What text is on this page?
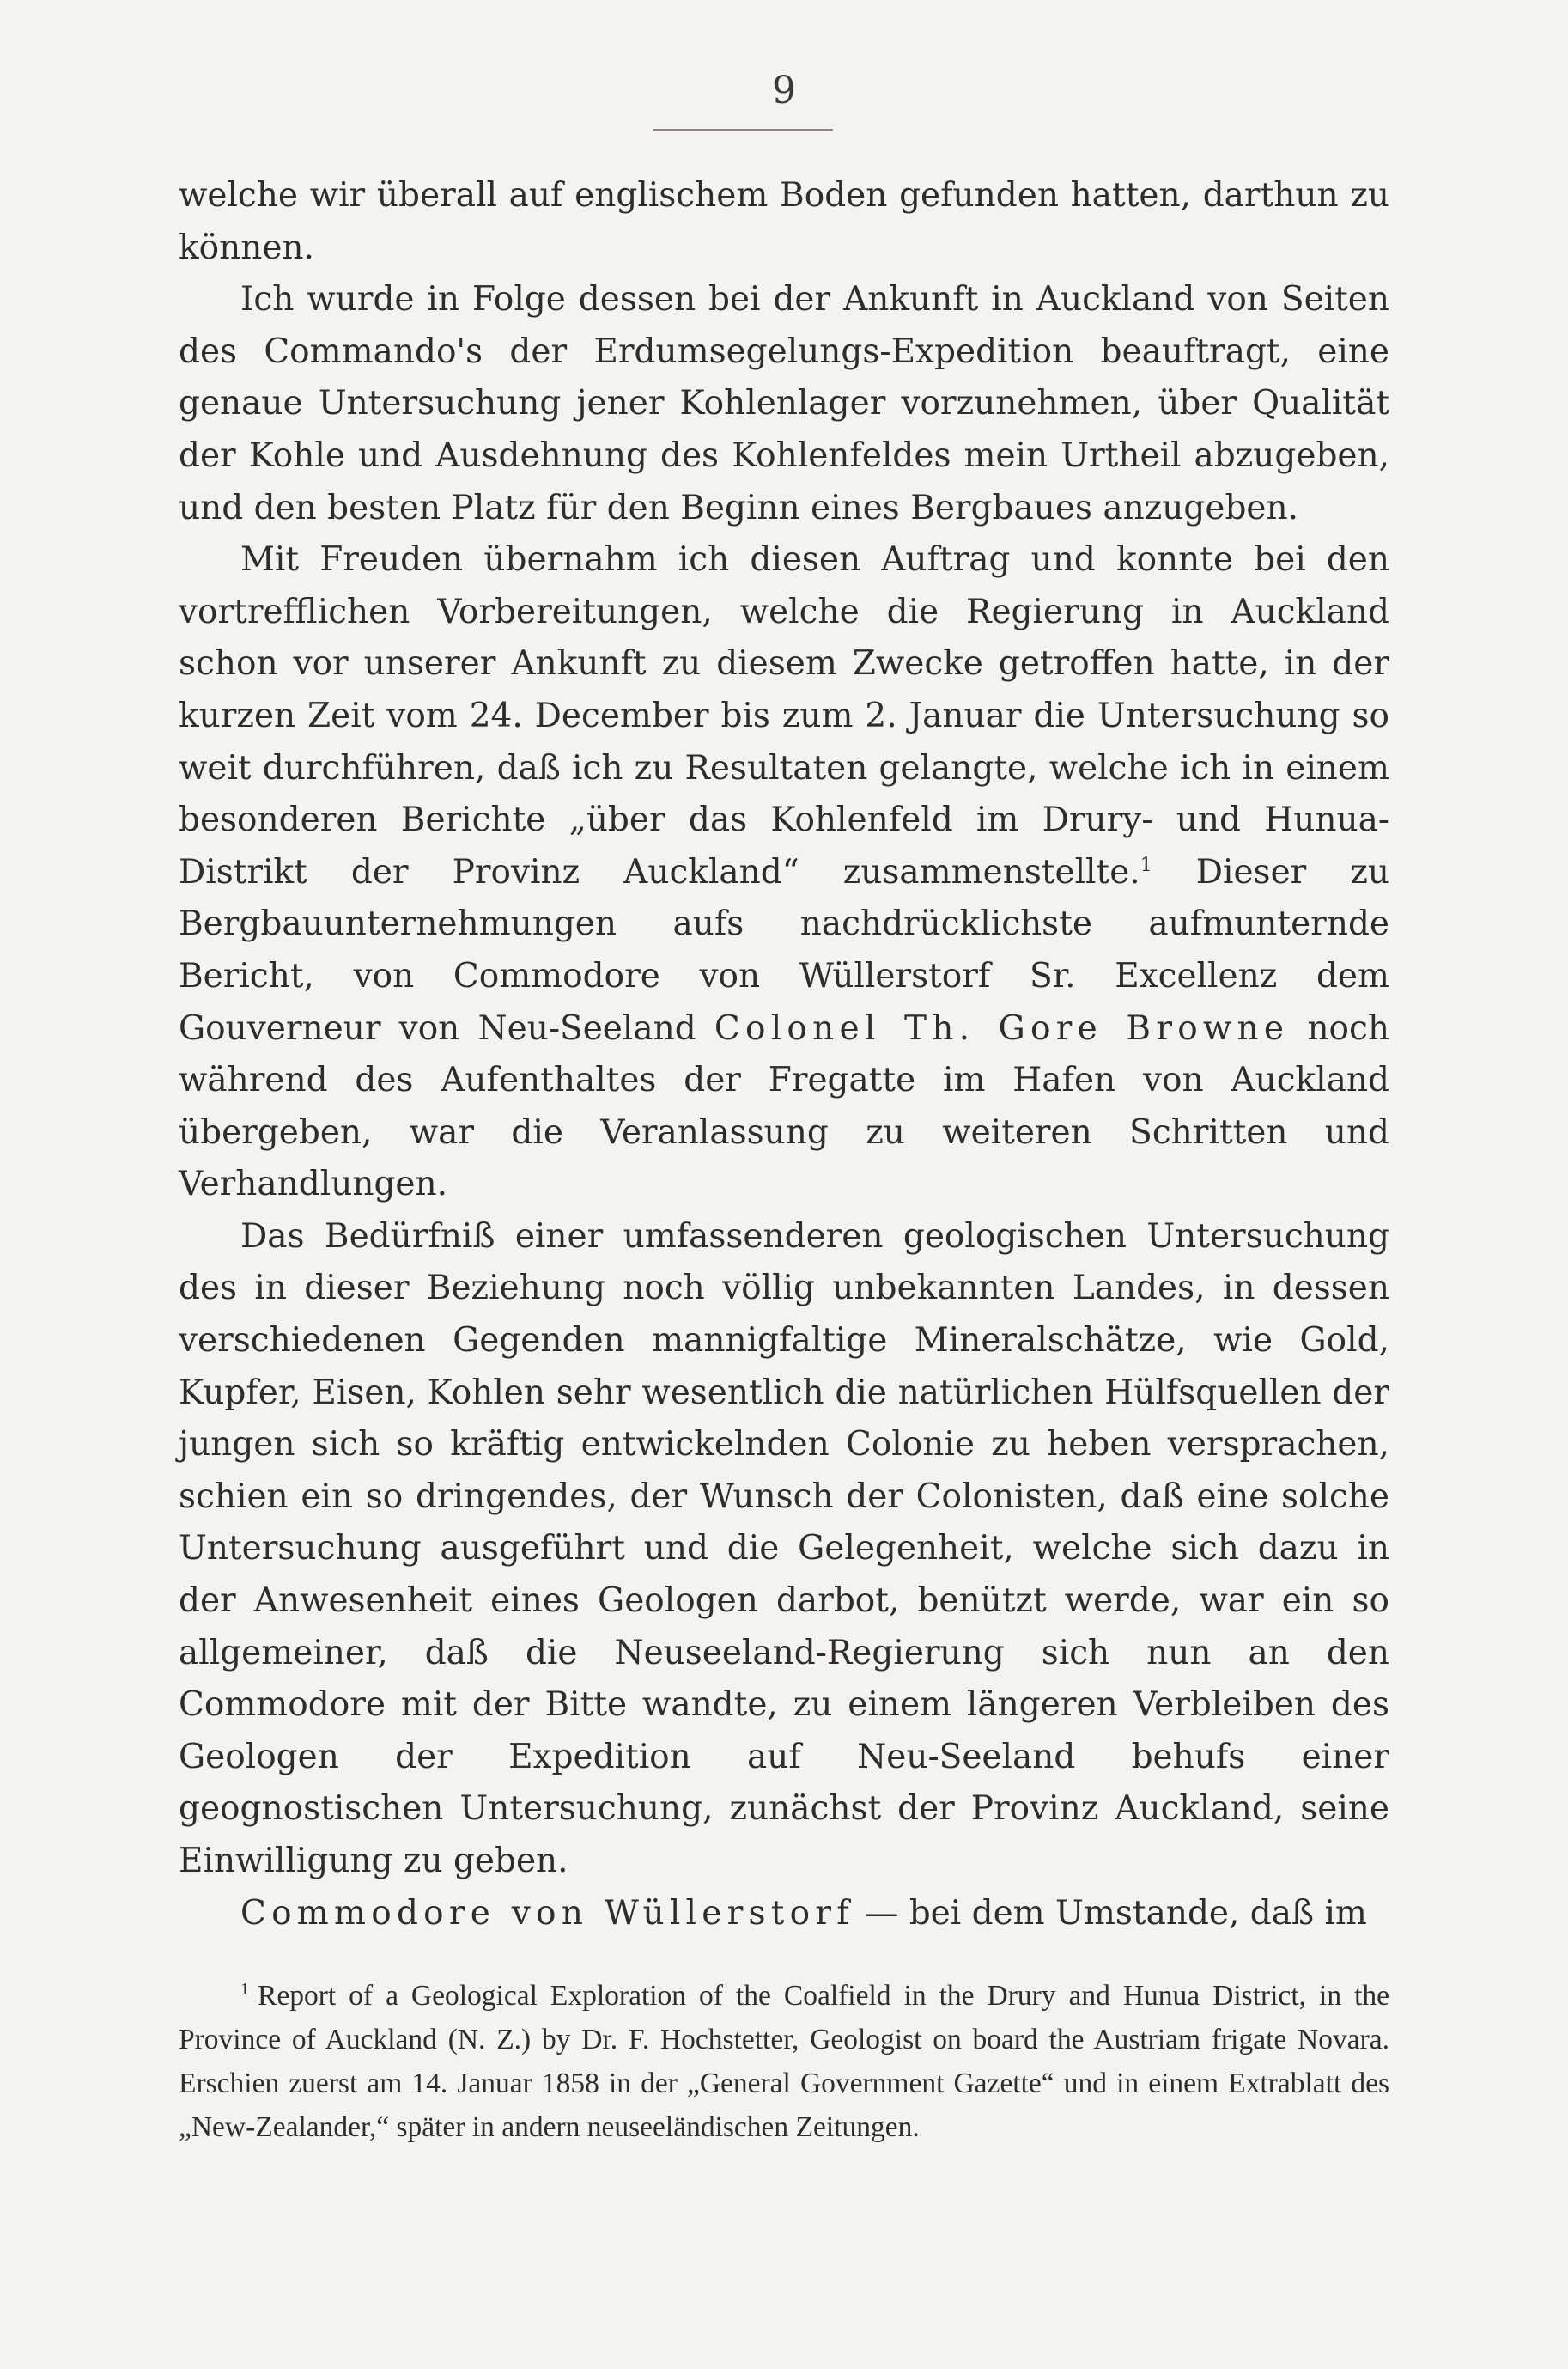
9

welche wir überall auf englischem Boden gefunden hatten, darthun zu können.

Ich wurde in Folge dessen bei der Ankunft in Auckland von Seiten des Commando's der Erdumsegelungs-Expedition beauftragt, eine genaue Untersuchung jener Kohlenlager vorzunehmen, über Qualität der Kohle und Ausdehnung des Kohlenfeldes mein Urtheil abzugeben, und den besten Platz für den Beginn eines Bergbaues anzugeben.

Mit Freuden übernahm ich diesen Auftrag und konnte bei den vortrefflichen Vorbereitungen, welche die Regierung in Auckland schon vor unserer Ankunft zu diesem Zwecke getroffen hatte, in der kurzen Zeit vom 24. December bis zum 2. Januar die Untersuchung so weit durchführen, daß ich zu Resultaten gelangte, welche ich in einem besonderen Berichte „über das Kohlenfeld im Drury- und Hunua-Distrikt der Provinz Auckland“ zusammenstellte.$^1$ Dieser zu Bergbauunternehmungen aufs nachdrücklichste aufmunternde Bericht, von Commodore von Wüllerstorf Sr. Excellenz dem Gouverneur von Neu-Seeland Colonel Th. Gore Browne noch während des Aufenthaltes der Fregatte im Hafen von Auckland übergeben, war die Veranlassung zu weiteren Schritten und Verhandlungen.

Das Bedürfniß einer umfassenderen geologischen Untersuchung des in dieser Beziehung noch völlig unbekannten Landes, in dessen verschiedenen Gegenden mannigfaltige Mineralschätze, wie Gold, Kupfer, Eisen, Kohlen sehr wesentlich die natürlichen Hülfsquellen der jungen sich so kräftig entwickelnden Colonie zu heben versprachen, schien ein so dringendes, der Wunsch der Colonisten, daß eine solche Untersuchung ausgeführt und die Gelegenheit, welche sich dazu in der Anwesenheit eines Geologen darbot, benützt werde, war ein so allgemeiner, daß die Neuseeland-Regierung sich nun an den Commodore mit der Bitte wandte, zu einem längeren Verbleiben des Geologen der Expedition auf Neu-Seeland behufs einer geognostischen Untersuchung, zunächst der Provinz Auckland, seine Einwilligung zu geben.

Commodore von Wüllerstorf — bei dem Umstande, daß im

$^1$ Report of a Geological Exploration of the Coalfield in the Drury and Hunua District, in the Province of Auckland (N. Z.) by Dr. F. Hochstetter, Geologist on board the Austriam frigate Novara. Erschien zuerst am 14. Januar 1858 in der „General Government Gazette“ und in einem Extrablatt des „New-Zealander,“ später in andern neuseeländischen Zeitungen.
